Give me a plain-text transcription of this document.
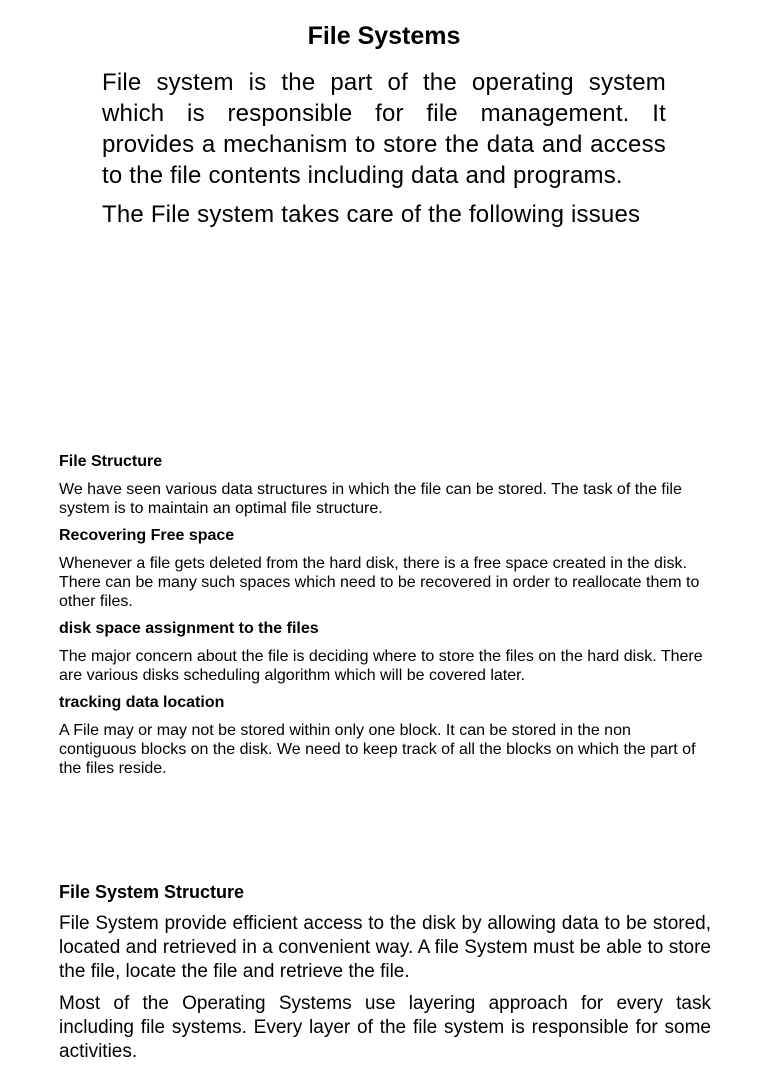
File Systems

File system is the part of the operating system which is responsible for file management. It provides a mechanism to store the data and access to the file contents including data and programs.

The File system takes care of the following issues

File Structure

We have seen various data structures in which the file can be stored. The task of the file system is to maintain an optimal file structure.

Recovering Free space

Whenever a file gets deleted from the hard disk, there is a free space created in the disk. There can be many such spaces which need to be recovered in order to reallocate them to other files.

disk space assignment to the files

The major concern about the file is deciding where to store the files on the hard disk. There are various disks scheduling algorithm which will be covered later.

tracking data location

A File may or may not be stored within only one block. It can be stored in the non contiguous blocks on the disk. We need to keep track of all the blocks on which the part of the files reside.

File System Structure

File System provide efficient access to the disk by allowing data to be stored, located and retrieved in a convenient way. A file System must be able to store the file, locate the file and retrieve the file.

Most of the Operating Systems use layering approach for every task including file systems. Every layer of the file system is responsible for some activities.
